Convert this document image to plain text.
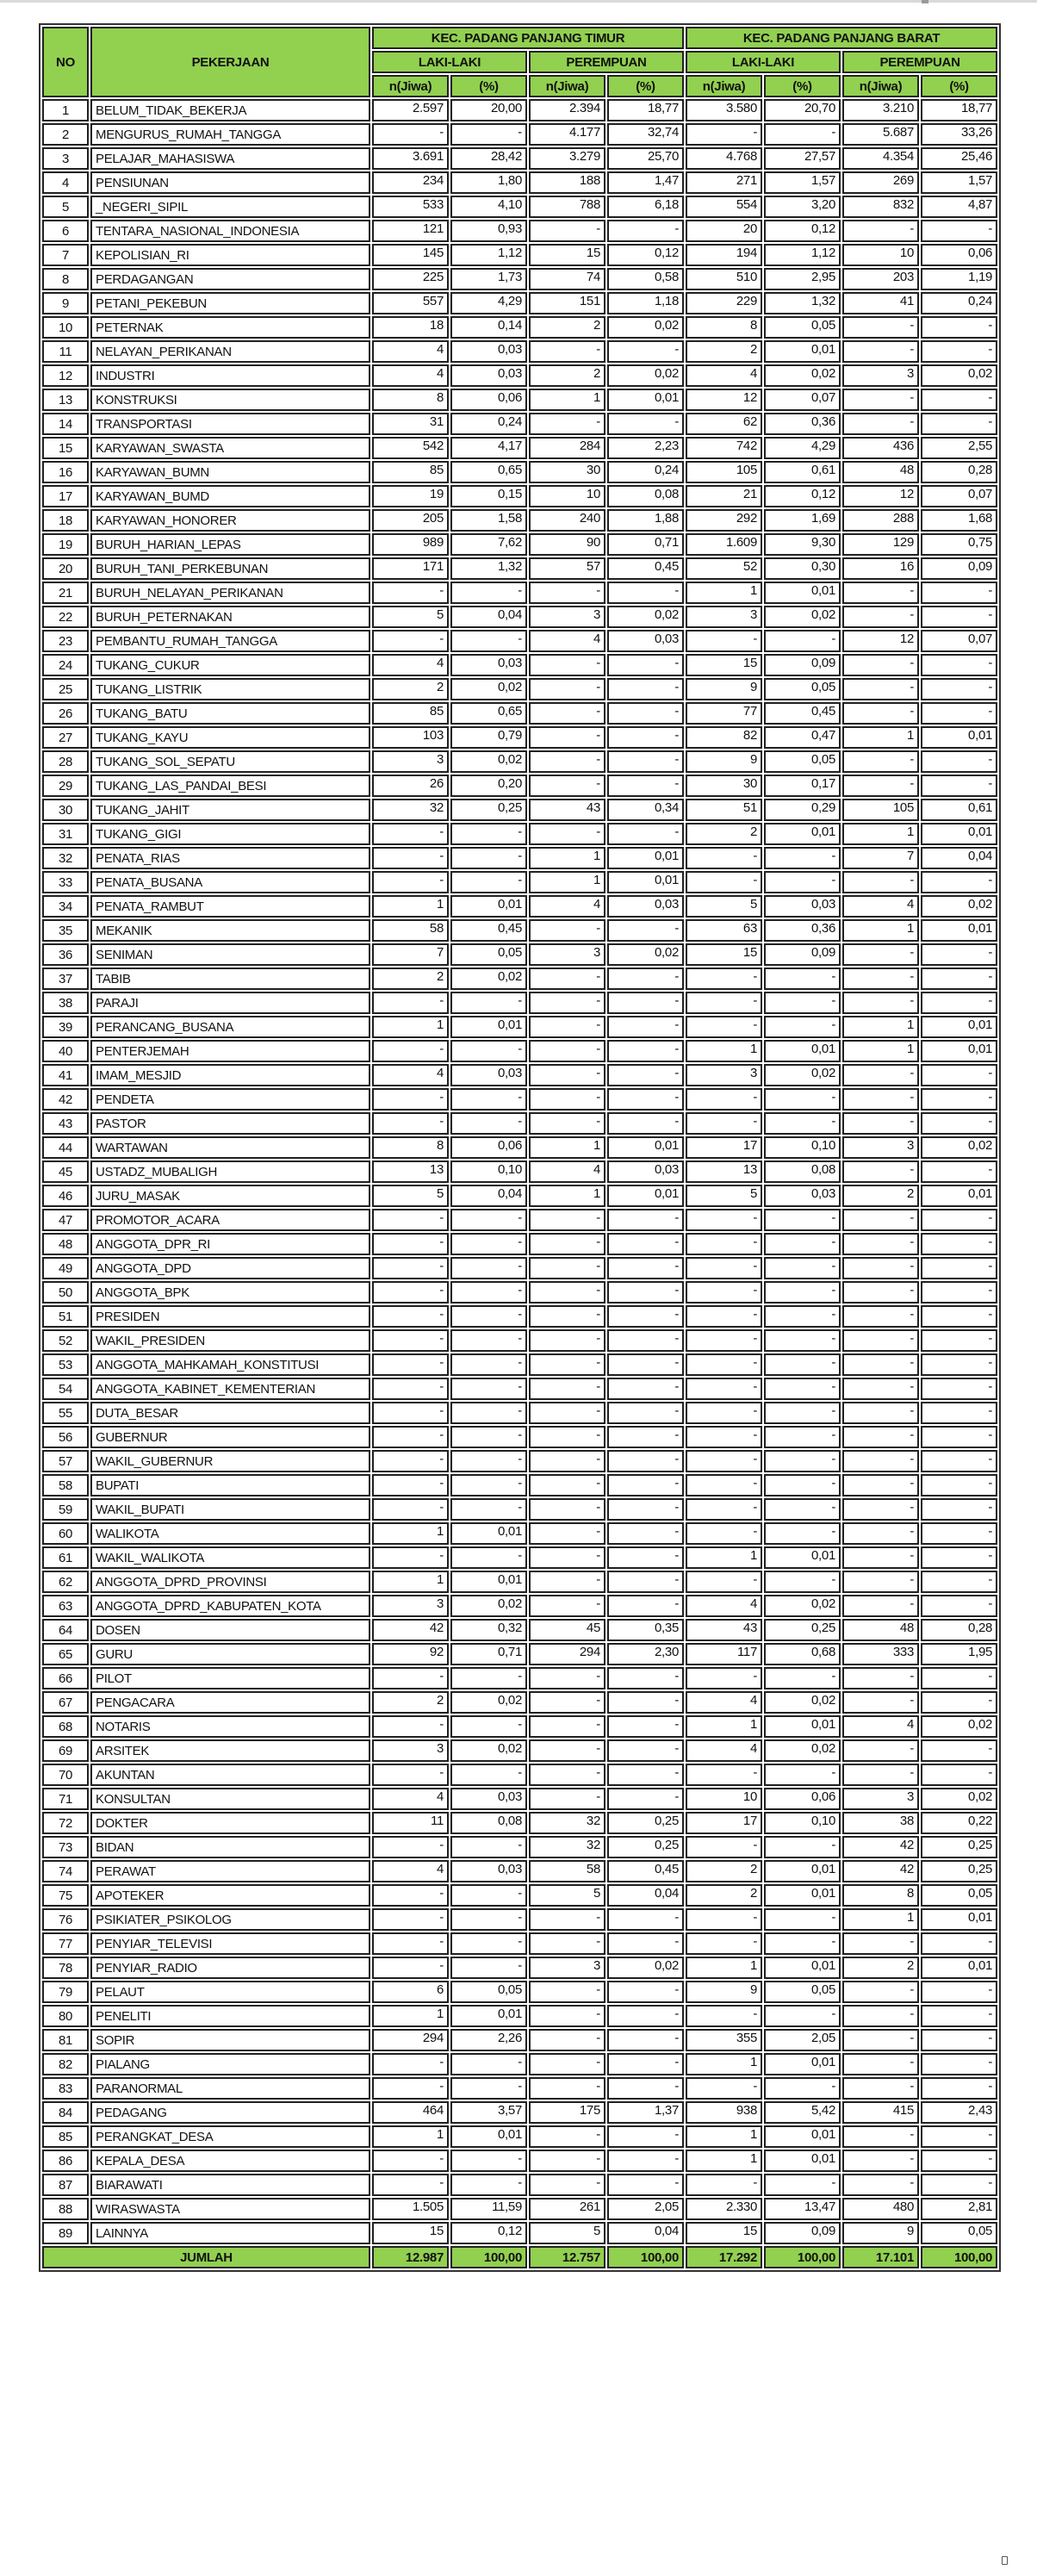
NO	PEKERJAAN	KEC. PADANG PANJANG TIMUR				KEC. PADANG PANJANG BARAT			
		LAKI-LAKI		PEREMPUAN		LAKI-LAKI		PEREMPUAN	
		n(Jiwa)	(%)	n(Jiwa)	(%)	n(Jiwa)	(%)	n(Jiwa)	(%)
1	BELUM_TIDAK_BEKERJA	2.597	20,00	2.394	18,77	3.580	20,70	3.210	18,77
2	MENGURUS_RUMAH_TANGGA	-	-	4.177	32,74	-	-	5.687	33,26
3	PELAJAR_MAHASISWA	3.691	28,42	3.279	25,70	4.768	27,57	4.354	25,46
4	PENSIUNAN	234	1,80	188	1,47	271	1,57	269	1,57
5	_NEGERI_SIPIL	533	4,10	788	6,18	554	3,20	832	4,87
6	TENTARA_NASIONAL_INDONESIA	121	0,93	-	-	20	0,12	-	-
7	KEPOLISIAN_RI	145	1,12	15	0,12	194	1,12	10	0,06
8	PERDAGANGAN	225	1,73	74	0,58	510	2,95	203	1,19
9	PETANI_PEKEBUN	557	4,29	151	1,18	229	1,32	41	0,24
10	PETERNAK	18	0,14	2	0,02	8	0,05	-	-
11	NELAYAN_PERIKANAN	4	0,03	-	-	2	0,01	-	-
12	INDUSTRI	4	0,03	2	0,02	4	0,02	3	0,02
13	KONSTRUKSI	8	0,06	1	0,01	12	0,07	-	-
14	TRANSPORTASI	31	0,24	-	-	62	0,36	-	-
15	KARYAWAN_SWASTA	542	4,17	284	2,23	742	4,29	436	2,55
16	KARYAWAN_BUMN	85	0,65	30	0,24	105	0,61	48	0,28
17	KARYAWAN_BUMD	19	0,15	10	0,08	21	0,12	12	0,07
18	KARYAWAN_HONORER	205	1,58	240	1,88	292	1,69	288	1,68
19	BURUH_HARIAN_LEPAS	989	7,62	90	0,71	1.609	9,30	129	0,75
20	BURUH_TANI_PERKEBUNAN	171	1,32	57	0,45	52	0,30	16	0,09
21	BURUH_NELAYAN_PERIKANAN	-	-	-	-	1	0,01	-	-
22	BURUH_PETERNAKAN	5	0,04	3	0,02	3	0,02	-	-
23	PEMBANTU_RUMAH_TANGGA	-	-	4	0,03	-	-	12	0,07
24	TUKANG_CUKUR	4	0,03	-	-	15	0,09	-	-
25	TUKANG_LISTRIK	2	0,02	-	-	9	0,05	-	-
26	TUKANG_BATU	85	0,65	-	-	77	0,45	-	-
27	TUKANG_KAYU	103	0,79	-	-	82	0,47	1	0,01
28	TUKANG_SOL_SEPATU	3	0,02	-	-	9	0,05	-	-
29	TUKANG_LAS_PANDAI_BESI	26	0,20	-	-	30	0,17	-	-
30	TUKANG_JAHIT	32	0,25	43	0,34	51	0,29	105	0,61
31	TUKANG_GIGI	-	-	-	-	2	0,01	1	0,01
32	PENATA_RIAS	-	-	1	0,01	-	-	7	0,04
33	PENATA_BUSANA	-	-	1	0,01	-	-	-	-
34	PENATA_RAMBUT	1	0,01	4	0,03	5	0,03	4	0,02
35	MEKANIK	58	0,45	-	-	63	0,36	1	0,01
36	SENIMAN	7	0,05	3	0,02	15	0,09	-	-
37	TABIB	2	0,02	-	-	-	-	-	-
38	PARAJI	-	-	-	-	-	-	-	-
39	PERANCANG_BUSANA	1	0,01	-	-	-	-	1	0,01
40	PENTERJEMAH	-	-	-	-	1	0,01	1	0,01
41	IMAM_MESJID	4	0,03	-	-	3	0,02	-	-
42	PENDETA	-	-	-	-	-	-	-	-
43	PASTOR	-	-	-	-	-	-	-	-
44	WARTAWAN	8	0,06	1	0,01	17	0,10	3	0,02
45	USTADZ_MUBALIGH	13	0,10	4	0,03	13	0,08	-	-
46	JURU_MASAK	5	0,04	1	0,01	5	0,03	2	0,01
47	PROMOTOR_ACARA	-	-	-	-	-	-	-	-
48	ANGGOTA_DPR_RI	-	-	-	-	-	-	-	-
49	ANGGOTA_DPD	-	-	-	-	-	-	-	-
50	ANGGOTA_BPK	-	-	-	-	-	-	-	-
51	PRESIDEN	-	-	-	-	-	-	-	-
52	WAKIL_PRESIDEN	-	-	-	-	-	-	-	-
53	ANGGOTA_MAHKAMAH_KONSTITUSI	-	-	-	-	-	-	-	-
54	ANGGOTA_KABINET_KEMENTERIAN	-	-	-	-	-	-	-	-
55	DUTA_BESAR	-	-	-	-	-	-	-	-
56	GUBERNUR	-	-	-	-	-	-	-	-
57	WAKIL_GUBERNUR	-	-	-	-	-	-	-	-
58	BUPATI	-	-	-	-	-	-	-	-
59	WAKIL_BUPATI	-	-	-	-	-	-	-	-
60	WALIKOTA	1	0,01	-	-	-	-	-	-
61	WAKIL_WALIKOTA	-	-	-	-	1	0,01	-	-
62	ANGGOTA_DPRD_PROVINSI	1	0,01	-	-	-	-	-	-
63	ANGGOTA_DPRD_KABUPATEN_KOTA	3	0,02	-	-	4	0,02	-	-
64	DOSEN	42	0,32	45	0,35	43	0,25	48	0,28
65	GURU	92	0,71	294	2,30	117	0,68	333	1,95
66	PILOT	-	-	-	-	-	-	-	-
67	PENGACARA	2	0,02	-	-	4	0,02	-	-
68	NOTARIS	-	-	-	-	1	0,01	4	0,02
69	ARSITEK	3	0,02	-	-	4	0,02	-	-
70	AKUNTAN	-	-	-	-	-	-	-	-
71	KONSULTAN	4	0,03	-	-	10	0,06	3	0,02
72	DOKTER	11	0,08	32	0,25	17	0,10	38	0,22
73	BIDAN	-	-	32	0,25	-	-	42	0,25
74	PERAWAT	4	0,03	58	0,45	2	0,01	42	0,25
75	APOTEKER	-	-	5	0,04	2	0,01	8	0,05
76	PSIKIATER_PSIKOLOG	-	-	-	-	-	-	1	0,01
77	PENYIAR_TELEVISI	-	-	-	-	-	-	-	-
78	PENYIAR_RADIO	-	-	3	0,02	1	0,01	2	0,01
79	PELAUT	6	0,05	-	-	9	0,05	-	-
80	PENELITI	1	0,01	-	-	-	-	-	-
81	SOPIR	294	2,26	-	-	355	2,05	-	-
82	PIALANG	-	-	-	-	1	0,01	-	-
83	PARANORMAL	-	-	-	-	-	-	-	-
84	PEDAGANG	464	3,57	175	1,37	938	5,42	415	2,43
85	PERANGKAT_DESA	1	0,01	-	-	1	0,01	-	-
86	KEPALA_DESA	-	-	-	-	1	0,01	-	-
87	BIARAWATI	-	-	-	-	-	-	-	-
88	WIRASWASTA	1.505	11,59	261	2,05	2.330	13,47	480	2,81
89	LAINNYA	15	0,12	5	0,04	15	0,09	9	0,05
JUMLAH		12.987	100,00	12.757	100,00	17.292	100,00	17.101	100,00
